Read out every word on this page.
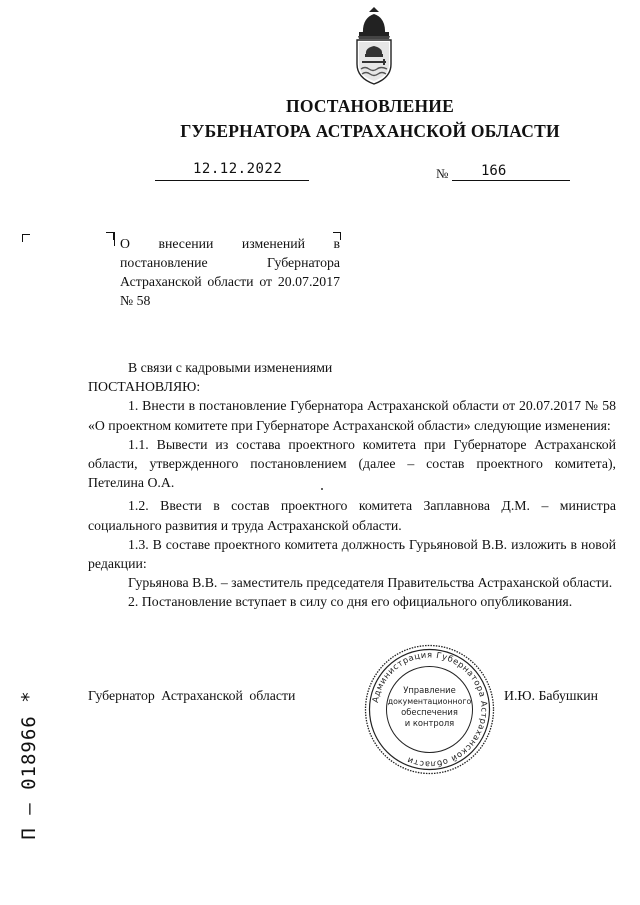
ПОСТАНОВЛЕНИЕ
ГУБЕРНАТОРА АСТРАХАНСКОЙ ОБЛАСТИ
12.12.2022	№ 166
О внесении изменений в постановление Губернатора Астраханской области от 20.07.2017 № 58

В связи с кадровыми изменениями

ПОСТАНОВЛЯЮ:

1. Внести в постановление Губернатора Астраханской области от 20.07.2017 № 58 «О проектном комитете при Губернаторе Астраханской области» следующие изменения:

1.1. Вывести из состава проектного комитета при Губернаторе Астраханской области, утвержденного постановлением (далее – состав проектного комитета), Петелина О.А.

1.2. Ввести в состав проектного комитета Заплавнова Д.М. – министра социального развития и труда Астраханской области.

1.3. В составе проектного комитета должность Гурьяновой В.В. изложить в новой редакции:

Гурьянова В.В. – заместитель председателя Правительства Астраханской области.

2. Постановление вступает в силу со дня его официального опубликования.

Губернатор Астраханской области	И.Ю. Бабушкин
Администрация Губернатора Астраханской области
Управление
документационного
обеспечения
и контроля
П – 018966 *
